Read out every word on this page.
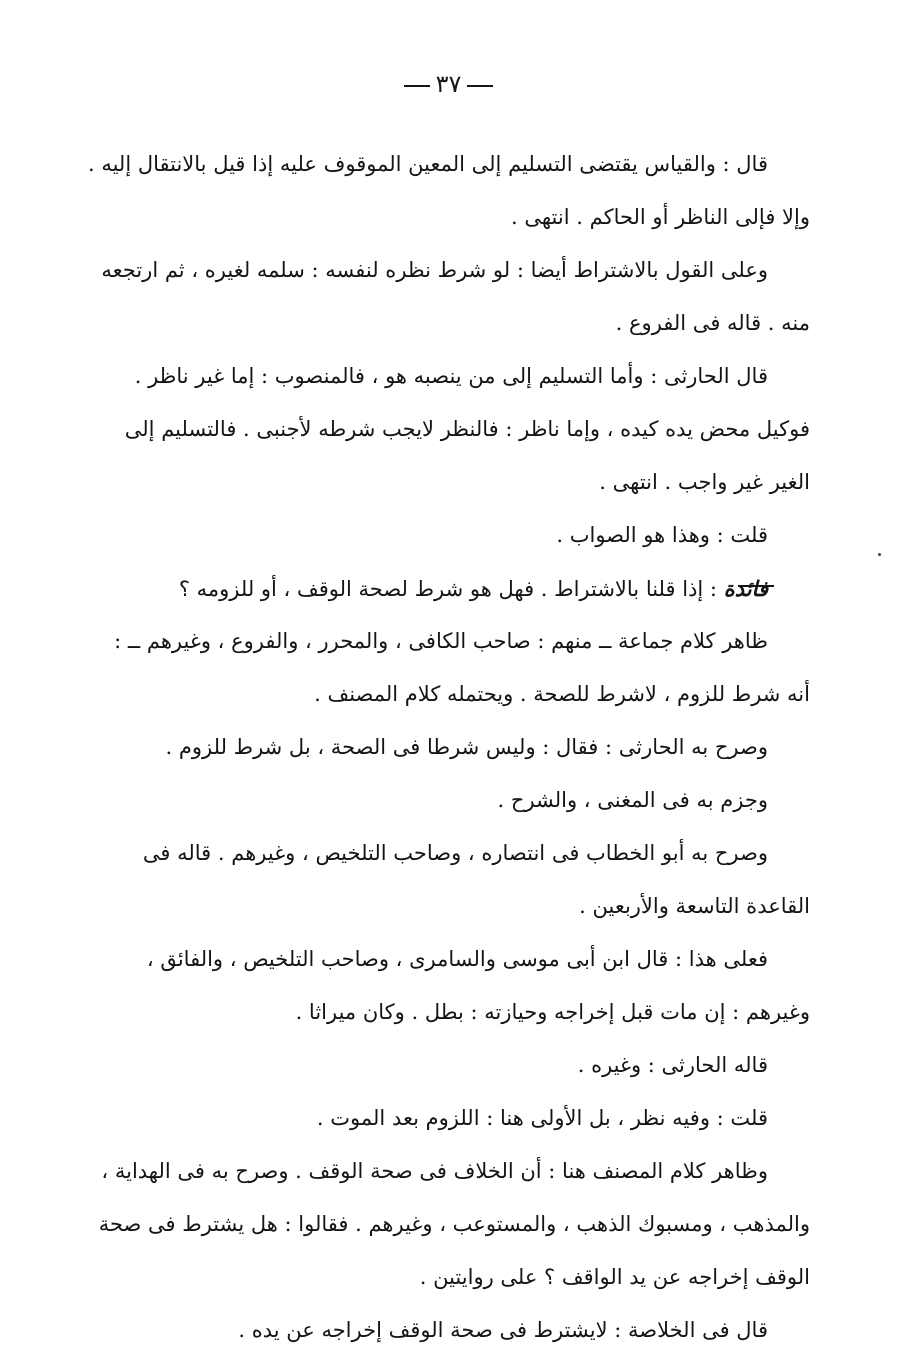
٣٧
قال : والقياس يقتضى التسليم إلى المعين الموقوف عليه إذا قيل بالانتقال إليه .
وإلا فإلى الناظر أو الحاكم . انتهى .
وعلى القول بالاشتراط أيضا : لو شرط نظره لنفسه : سلمه لغيره ، ثم ارتجعه
منه . قاله فى الفروع .
قال الحارثى : وأما التسليم إلى من ينصبه هو ، فالمنصوب : إما غير ناظر .
فوكيل محض يده كيده ، وإما ناظر : فالنظر لايجب شرطه لأجنبى . فالتسليم إلى
الغير غير واجب . انتهى .
قلت : وهذا هو الصواب .
فائدة : إذا قلنا بالاشتراط . فهل هو شرط لصحة الوقف ، أو للزومه ؟
ظاهر كلام جماعة ــ منهم : صاحب الكافى ، والمحرر ، والفروع ، وغيرهم ــ :
أنه شرط للزوم ، لاشرط للصحة . ويحتمله كلام المصنف .
وصرح به الحارثى : فقال : وليس شرطا فى الصحة ، بل شرط للزوم .
وجزم به فى المغنى ، والشرح .
وصرح به أبو الخطاب فى انتصاره ، وصاحب التلخيص ، وغيرهم . قاله فى
القاعدة التاسعة والأربعين .
فعلى هذا : قال ابن أبى موسى والسامرى ، وصاحب التلخيص ، والفائق ،
وغيرهم : إن مات قبل إخراجه وحيازته : بطل . وكان ميراثا .
قاله الحارثى : وغيره .
قلت : وفيه نظر ، بل الأولى هنا : اللزوم بعد الموت .
وظاهر كلام المصنف هنا : أن الخلاف فى صحة الوقف . وصرح به فى الهداية ،
والمذهب ، ومسبوك الذهب ، والمستوعب ، وغيرهم . فقالوا : هل يشترط فى صحة
الوقف إخراجه عن يد الواقف ؟ على روايتين .
قال فى الخلاصة : لايشترط فى صحة الوقف إخراجه عن يده .
